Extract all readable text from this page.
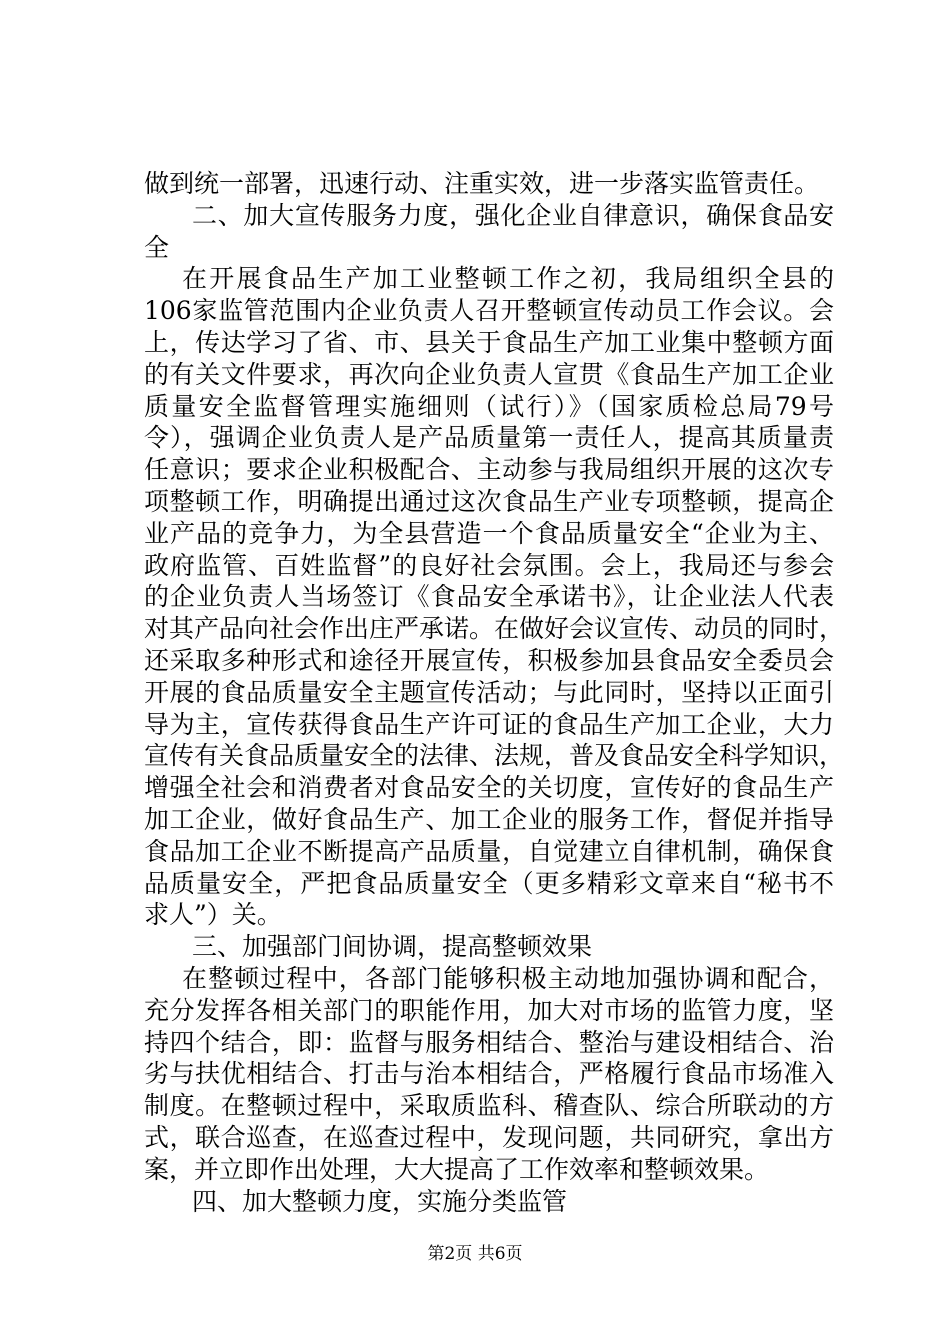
做到统一部署，迅速行动、注重实效，进一步落实监管责任。
二、加大宣传服务力度，强化企业自律意识，确保食品安
全
在开展食品生产加工业整顿工作之初，我局组织全县的
106家监管范围内企业负责人召开整顿宣传动员工作会议。会
上，传达学习了省、市、县关于食品生产加工业集中整顿方面
的有关文件要求，再次向企业负责人宣贯《食品生产加工企业
质量安全监督管理实施细则（试行）》（国家质检总局79号
令），强调企业负责人是产品质量第一责任人，提高其质量责
任意识；要求企业积极配合、主动参与我局组织开展的这次专
项整顿工作，明确提出通过这次食品生产业专项整顿，提高企
业产品的竞争力，为全县营造一个食品质量安全“企业为主、
政府监管、百姓监督”的良好社会氛围。会上，我局还与参会
的企业负责人当场签订《食品安全承诺书》，让企业法人代表
对其产品向社会作出庄严承诺。在做好会议宣传、动员的同时，
还采取多种形式和途径开展宣传，积极参加县食品安全委员会
开展的食品质量安全主题宣传活动；与此同时，坚持以正面引
导为主，宣传获得食品生产许可证的食品生产加工企业，大力
宣传有关食品质量安全的法律、法规，普及食品安全科学知识，
增强全社会和消费者对食品安全的关切度，宣传好的食品生产
加工企业，做好食品生产、加工企业的服务工作，督促并指导
食品加工企业不断提高产品质量，自觉建立自律机制，确保食
品质量安全，严把食品质量安全（更多精彩文章来自“秘书不
求人”）关。
三、加强部门间协调，提高整顿效果
在整顿过程中，各部门能够积极主动地加强协调和配合，
充分发挥各相关部门的职能作用，加大对市场的监管力度，坚
持四个结合，即：监督与服务相结合、整治与建设相结合、治
劣与扶优相结合、打击与治本相结合，严格履行食品市场准入
制度。在整顿过程中，采取质监科、稽查队、综合所联动的方
式，联合巡查，在巡查过程中，发现问题，共同研究，拿出方
案，并立即作出处理，大大提高了工作效率和整顿效果。
四、加大整顿力度，实施分类监管
第2页 共6页
